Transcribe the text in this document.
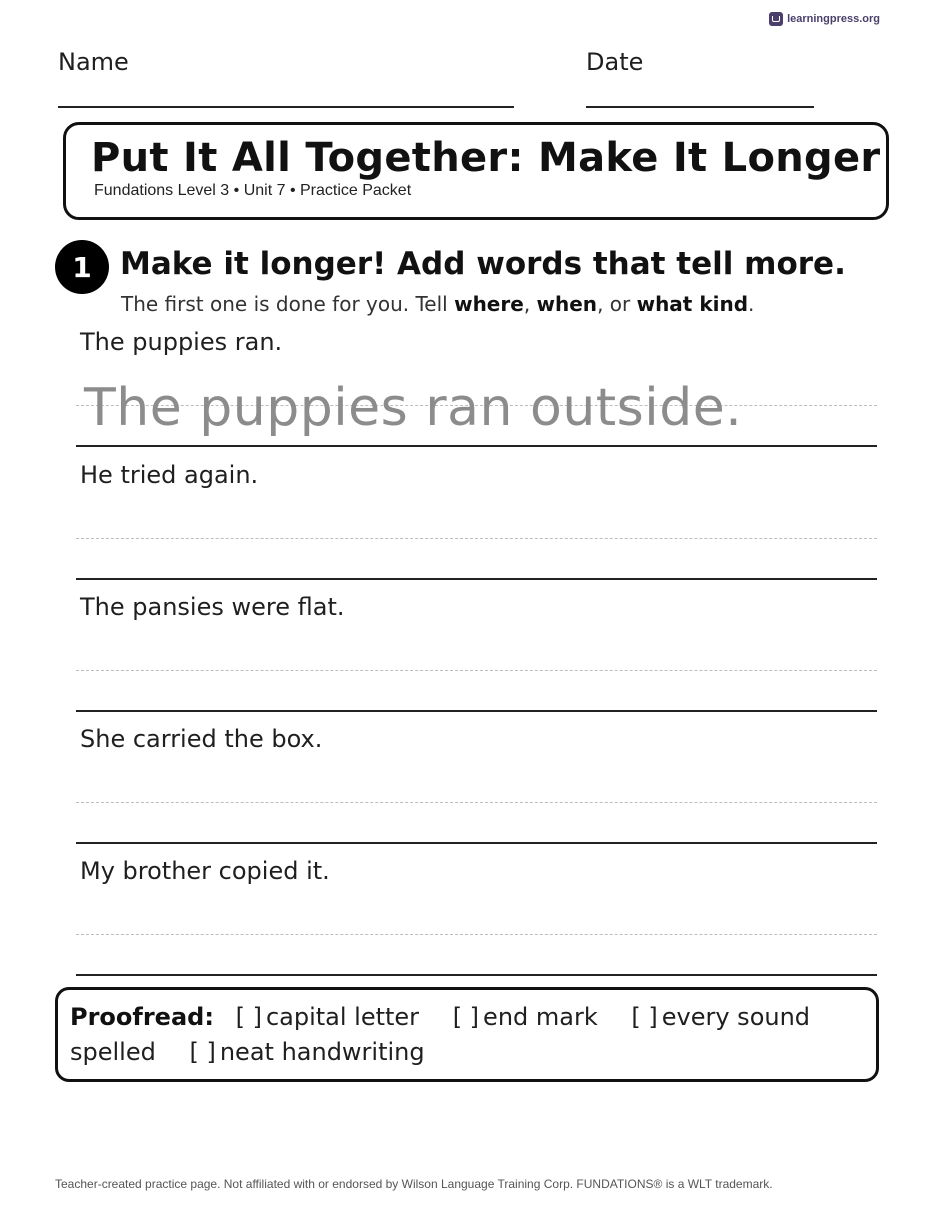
learningpress.org
Name	Date
Put It All Together: Make It Longer
Fundations Level 3 • Unit 7 • Practice Packet
1 Make it longer! Add words that tell more.
The first one is done for you. Tell where, when, or what kind.
The puppies ran.
The puppies ran outside.
He tried again.
The pansies were flat.
She carried the box.
My brother copied it.
Proofread: [ ] capital letter [ ] end mark [ ] every sound spelled [ ] neat handwriting
Teacher-created practice page. Not affiliated with or endorsed by Wilson Language Training Corp. FUNDATIONS® is a WLT trademark.
